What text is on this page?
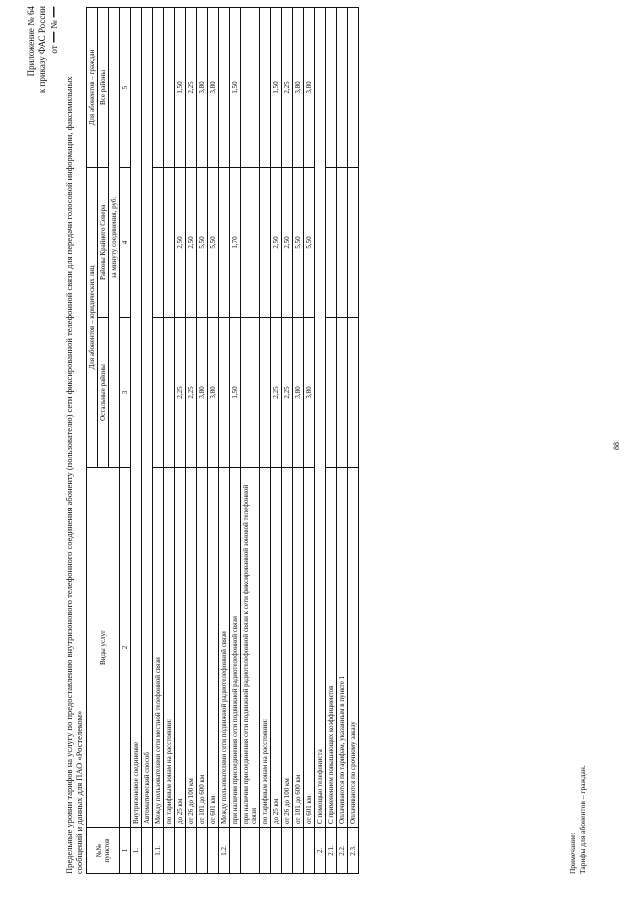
Приложение № 64 к приказу ФАС России от — № —
Предельные уровни тарифов на услугу по предоставлению внутризонового телефонного соединения абоненту (пользователю) сети фиксированной телефонной связи для передачи голосовой информации, факсимильных сообщений и данных для ПАО «Ростелеком» №№ пунктов	Виды услуг	Для абонентов – юридических лиц		Для абонентов – граждан
		Остальные районы	Районы Крайнего Севера	Все районы
		за минуту соединения, руб.		
1	2	3	4	5
1.	Внутризоновое соединение			
	Автоматический способ			
1.1.	Между пользователями сети местной телефонной связи			
	по тарифным зонам на расстоянии:			
	до 25 км	2,25	2,50	1,50
	от 26 до 100 км	2,25	2,50	2,25
	от 101 до 600 км	3,80	5,50	3,80
	от 601 км	3,80	5,50	3,80
1.2.	Между пользователями сети подвижной радиотелефонной связи			
	при наличии присоединения сети подвижной радиотелефонной связи	1,50	1,70	1,50
	при наличии присоединения сети подвижной радиотелефонной связи к сети фиксированной зоновой телефонной связи			
	по тарифным зонам на расстоянии:			
	до 25 км	2,25	2,50	1,50
	от 26 до 100 км	2,25	2,50	2,25
	от 101 до 600 км	3,80	5,50	3,80
	от 601 км	3,80	5,50	3,80
2.	С помощью телефониста			
2.1.	С применением повышающих коэффициентов			
2.2.	Оплачиваются по тарифам, указанным в пункте 1			
2.3.	Оплачиваются по срочному заказу			
Примечание: Тарифы для абонентов – граждан.
88
